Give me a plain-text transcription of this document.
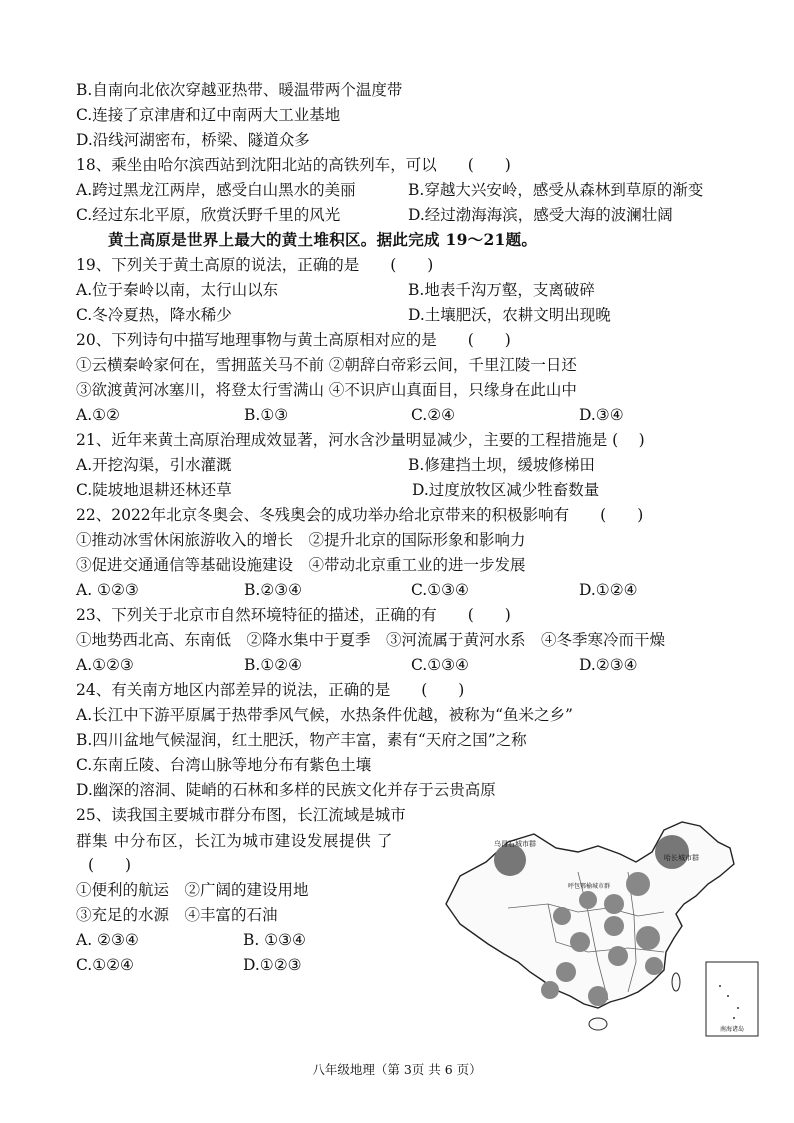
B.自南向北依次穿越亚热带、暖温带两个温度带
C.连接了京津唐和辽中南两大工业基地
D.沿线河湖密布，桥梁、隧道众多
18、乘坐由哈尔滨西站到沈阳北站的高铁列车，可以　　(　　)
A.跨过黑龙江两岸，感受白山黑水的美丽	B.穿越大兴安岭，感受从森林到草原的渐变
C.经过东北平原，欣赏沃野千里的风光	D.经过渤海海滨，感受大海的波澜壮阔
黄土高原是世界上最大的黄土堆积区。据此完成 19～21题。
19、下列关于黄土高原的说法，正确的是　　(　　)
A.位于秦岭以南，太行山以东	B.地表千沟万壑，支离破碎
C.冬冷夏热，降水稀少	D.土壤肥沃，农耕文明出现晚
20、下列诗句中描写地理事物与黄土高原相对应的是　　(　　)
①云横秦岭家何在，雪拥蓝关马不前 ②朝辞白帝彩云间，千里江陵一日还
③欲渡黄河冰塞川，将登太行雪满山 ④不识庐山真面目，只缘身在此山中
A.①②	B.①③	C.②④	D.③④
21、近年来黄土高原治理成效显著，河水含沙量明显减少，主要的工程措施是 (　 )
A.开挖沟渠，引水灌溉	B.修建挡土坝，缓坡修梯田
C.陡坡地退耕还林还草	D.过度放牧区减少牲畜数量
22、2022年北京冬奥会、冬残奥会的成功举办给北京带来的积极影响有　　(　　)
①推动冰雪休闲旅游收入的增长　②提升北京的国际形象和影响力
③促进交通通信等基础设施建设　④带动北京重工业的进一步发展
A. ①②③	B.②③④	C.①③④	D.①②④
23、下列关于北京市自然环境特征的描述，正确的有　　(　　)
①地势西北高、东南低　②降水集中于夏季　③河流属于黄河水系　④冬季寒冷而干燥
A.①②③	B.①②④	C.①③④	D.②③④
24、有关南方地区内部差异的说法，正确的是　　(　　)
A.长江中下游平原属于热带季风气候，水热条件优越，被称为“鱼米之乡”
B.四川盆地气候湿润，红土肥沃，物产丰富，素有“天府之国”之称
C.东南丘陵、台湾山脉等地分布有紫色土壤
D.幽深的溶洞、陡峭的石林和多样的民族文化并存于云贵高原
25、读我国主要城市群分布图，长江流域是城市
群集 中分布区，长江为城市建设发展提供 了
(　　)
①便利的航运　②广阔的建设用地
③充足的水源　④丰富的石油
A. ②③④	B. ①③④
C.①②④	D.①②③
南海诸岛
乌昌石城市群
哈长城市群
呼包鄂榆城市群
八年级地理（第 3页 共 6 页）
